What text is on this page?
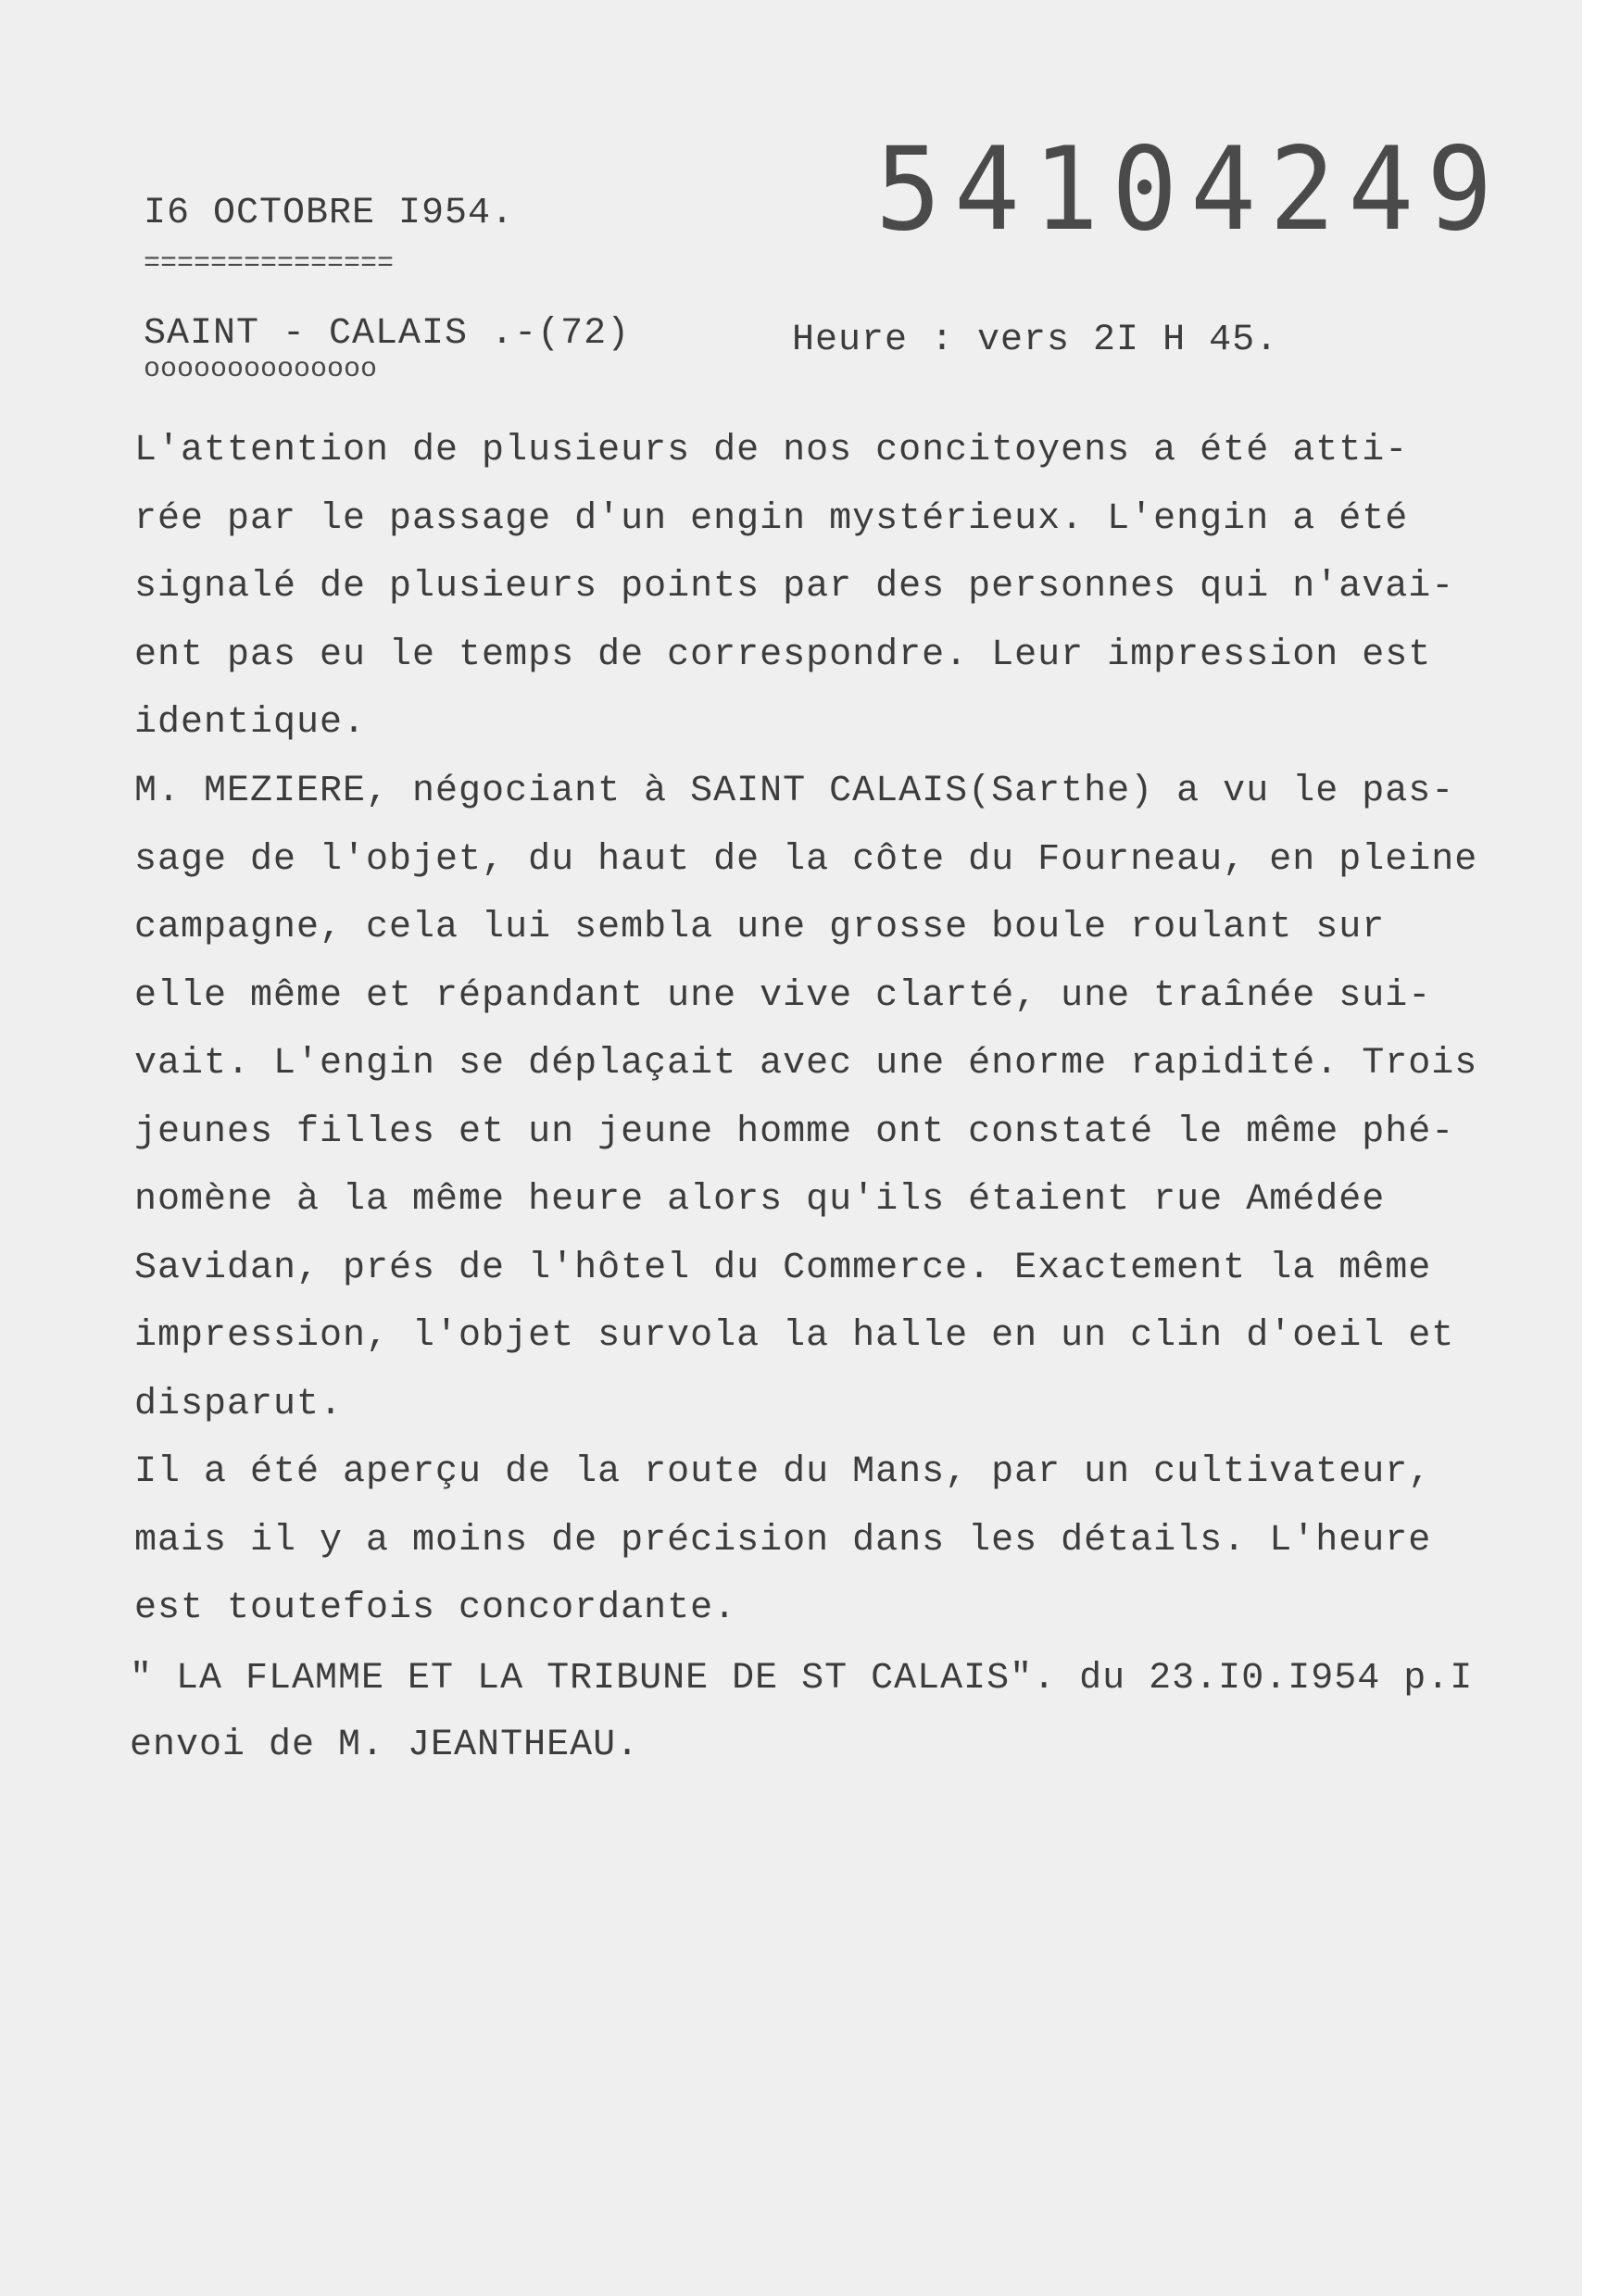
54104249
I6 OCTOBRE I954.
===============
SAINT - CALAIS .-(72)
oooooooooooooo
Heure : vers 2I H 45.
L'attention de plusieurs de nos concitoyens a été atti-
rée par le passage d'un engin mystérieux. L'engin a été
signalé de plusieurs points par des personnes qui n'avai-
ent pas eu le temps de correspondre. Leur impression est
identique.
M. MEZIERE, négociant à SAINT CALAIS(Sarthe) a vu le pas-
sage de l'objet, du haut de la côte du Fourneau, en pleine
campagne, cela lui sembla une grosse boule roulant sur
elle même et répandant une vive clarté, une traînée sui-
vait. L'engin se déplaçait avec une énorme rapidité. Trois
jeunes filles et un jeune homme ont constaté le même phé-
nomène à la même heure alors qu'ils étaient rue Amédée
Savidan, prés de l'hôtel du Commerce. Exactement la même
impression, l'objet survola la halle en un clin d'oeil et
disparut.
Il a été aperçu de la route du Mans, par un cultivateur,
mais il y a moins de précision dans les détails. L'heure
est toutefois concordante.
" LA FLAMME ET LA TRIBUNE DE ST CALAIS". du 23.I0.I954 p.I
envoi de M. JEANTHEAU.
